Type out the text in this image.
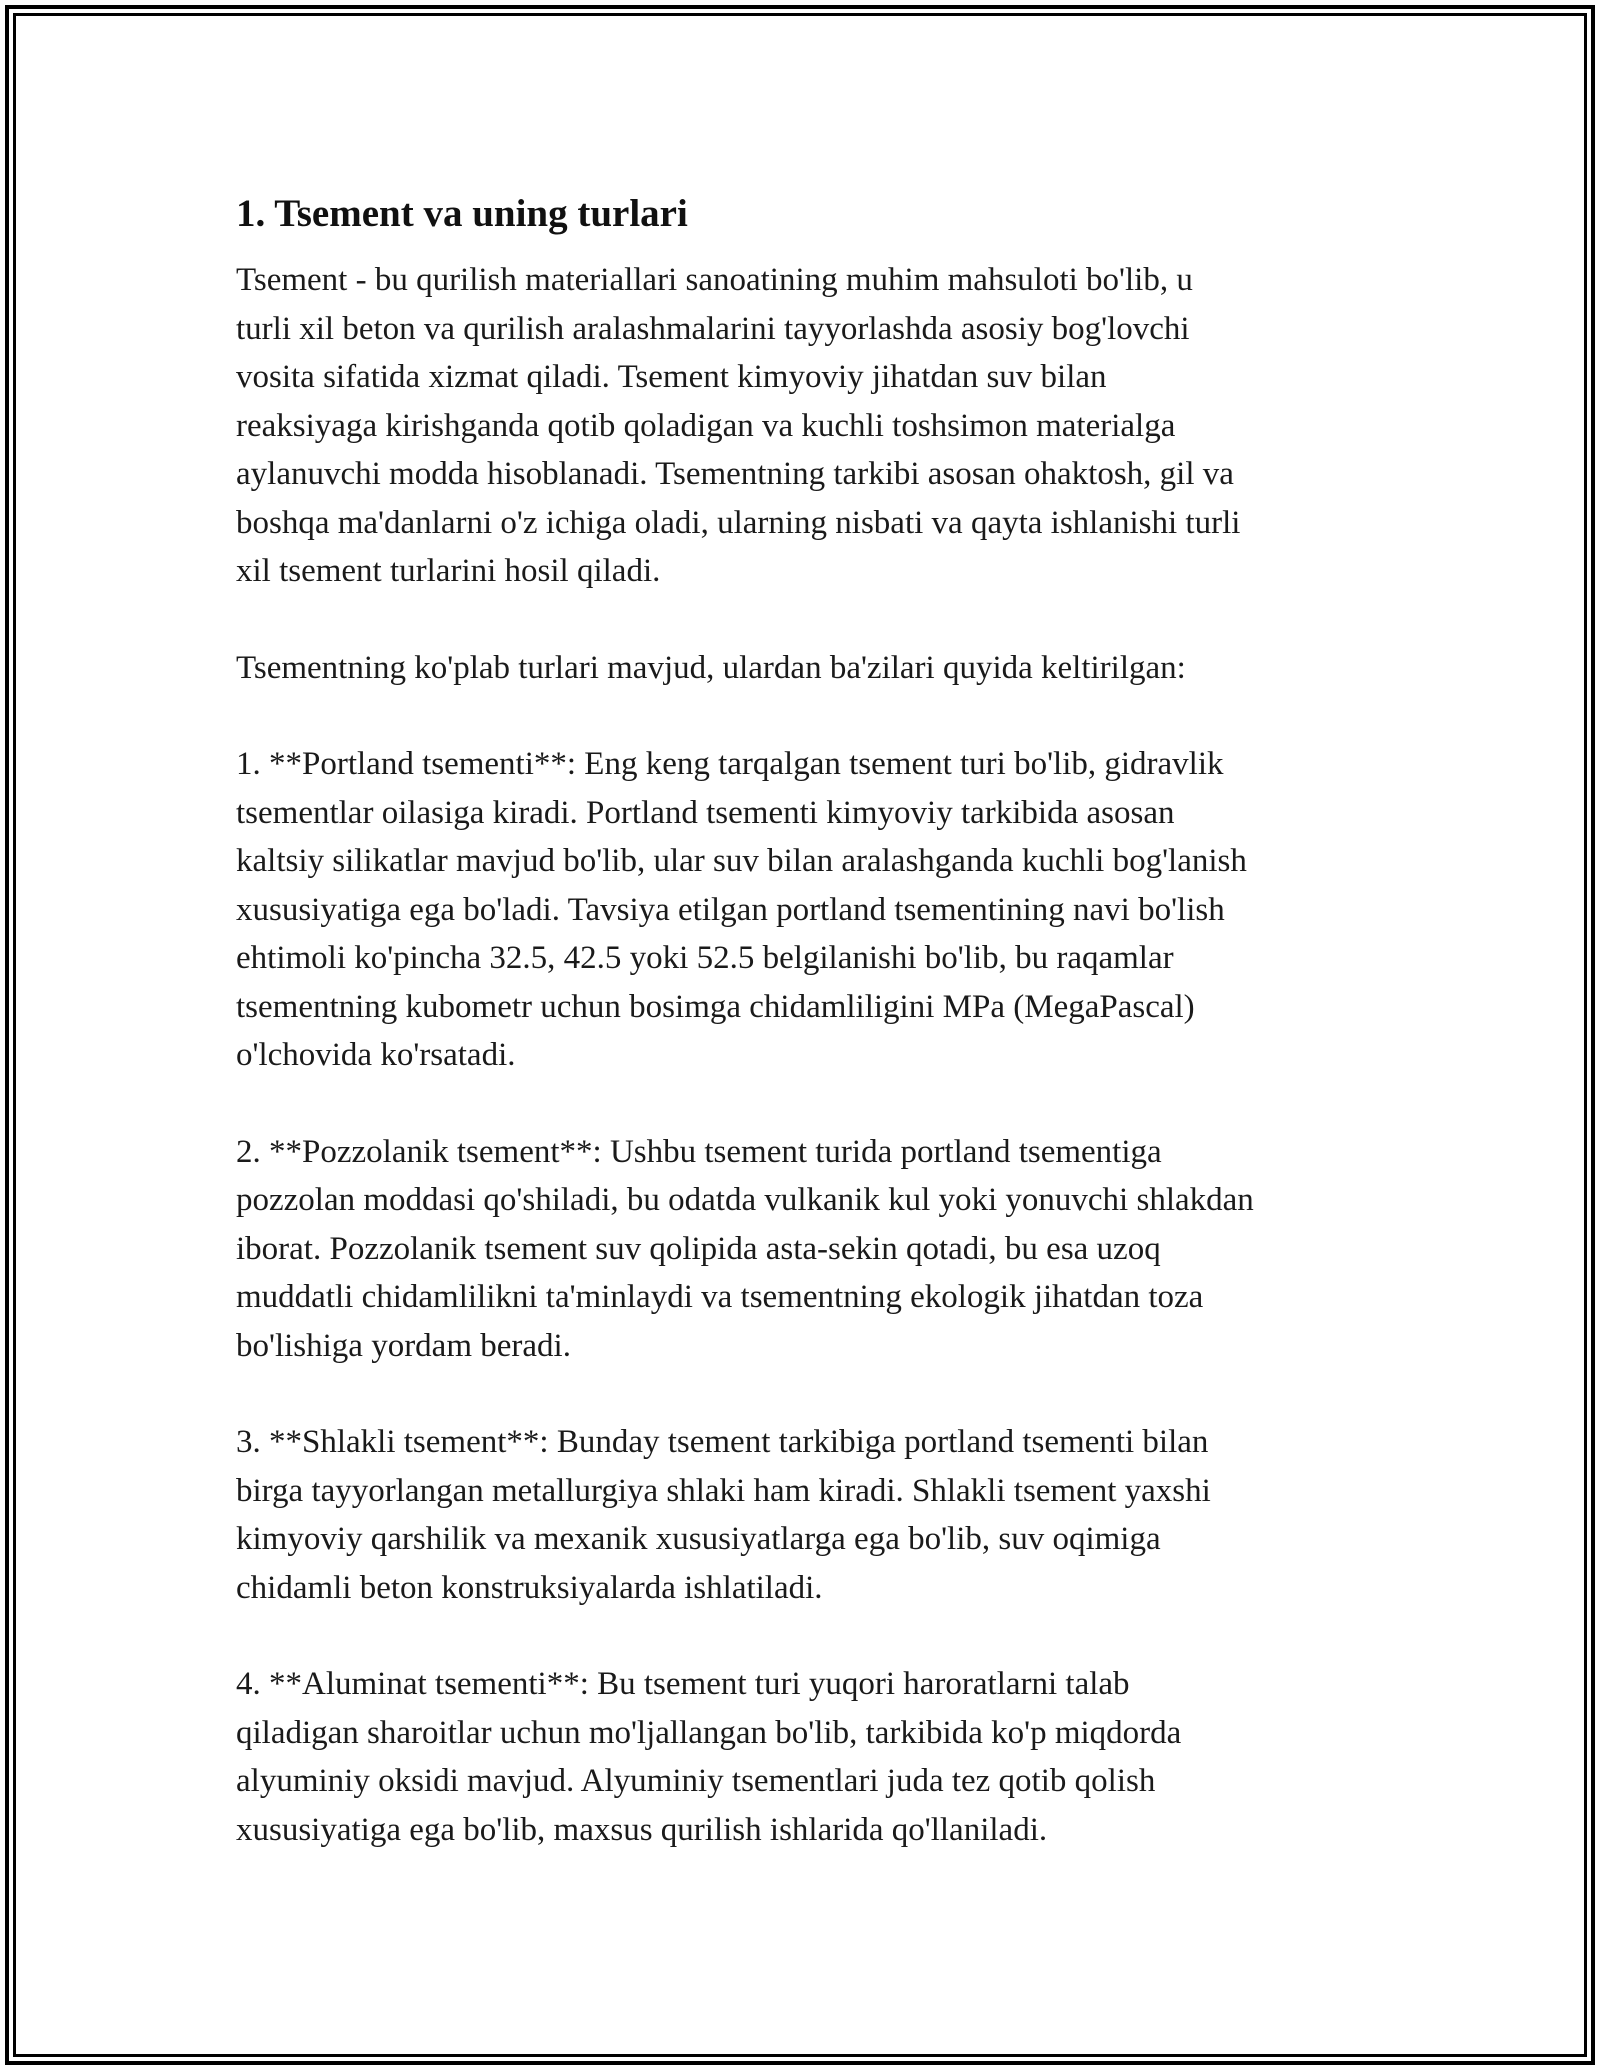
1. Tsement va uning turlari

Tsement - bu qurilish materiallari sanoatining muhim mahsuloti bo'lib, u
turli xil beton va qurilish aralashmalarini tayyorlashda asosiy bog'lovchi
vosita sifatida xizmat qiladi. Tsement kimyoviy jihatdan suv bilan
reaksiyaga kirishganda qotib qoladigan va kuchli toshsimon materialga
aylanuvchi modda hisoblanadi. Tsementning tarkibi asosan ohaktosh, gil va
boshqa ma'danlarni o'z ichiga oladi, ularning nisbati va qayta ishlanishi turli
xil tsement turlarini hosil qiladi.

Tsementning ko'plab turlari mavjud, ulardan ba'zilari quyida keltirilgan:

1. **Portland tsementi**: Eng keng tarqalgan tsement turi bo'lib, gidravlik
tsementlar oilasiga kiradi. Portland tsementi kimyoviy tarkibida asosan
kaltsiy silikatlar mavjud bo'lib, ular suv bilan aralashganda kuchli bog'lanish
xususiyatiga ega bo'ladi. Tavsiya etilgan portland tsementining navi bo'lish
ehtimoli ko'pincha 32.5, 42.5 yoki 52.5 belgilanishi bo'lib, bu raqamlar
tsementning kubometr uchun bosimga chidamliligini MPa (MegaPascal)
o'lchovida ko'rsatadi.

2. **Pozzolanik tsement**: Ushbu tsement turida portland tsementiga
pozzolan moddasi qo'shiladi, bu odatda vulkanik kul yoki yonuvchi shlakdan
iborat. Pozzolanik tsement suv qolipida asta-sekin qotadi, bu esa uzoq
muddatli chidamlilikni ta'minlaydi va tsementning ekologik jihatdan toza
bo'lishiga yordam beradi.

3. **Shlakli tsement**: Bunday tsement tarkibiga portland tsementi bilan
birga tayyorlangan metallurgiya shlaki ham kiradi. Shlakli tsement yaxshi
kimyoviy qarshilik va mexanik xususiyatlarga ega bo'lib, suv oqimiga
chidamli beton konstruksiyalarda ishlatiladi.

4. **Aluminat tsementi**: Bu tsement turi yuqori haroratlarni talab
qiladigan sharoitlar uchun mo'ljallangan bo'lib, tarkibida ko'p miqdorda
alyuminiy oksidi mavjud. Alyuminiy tsementlari juda tez qotib qolish
xususiyatiga ega bo'lib, maxsus qurilish ishlarida qo'llaniladi.
